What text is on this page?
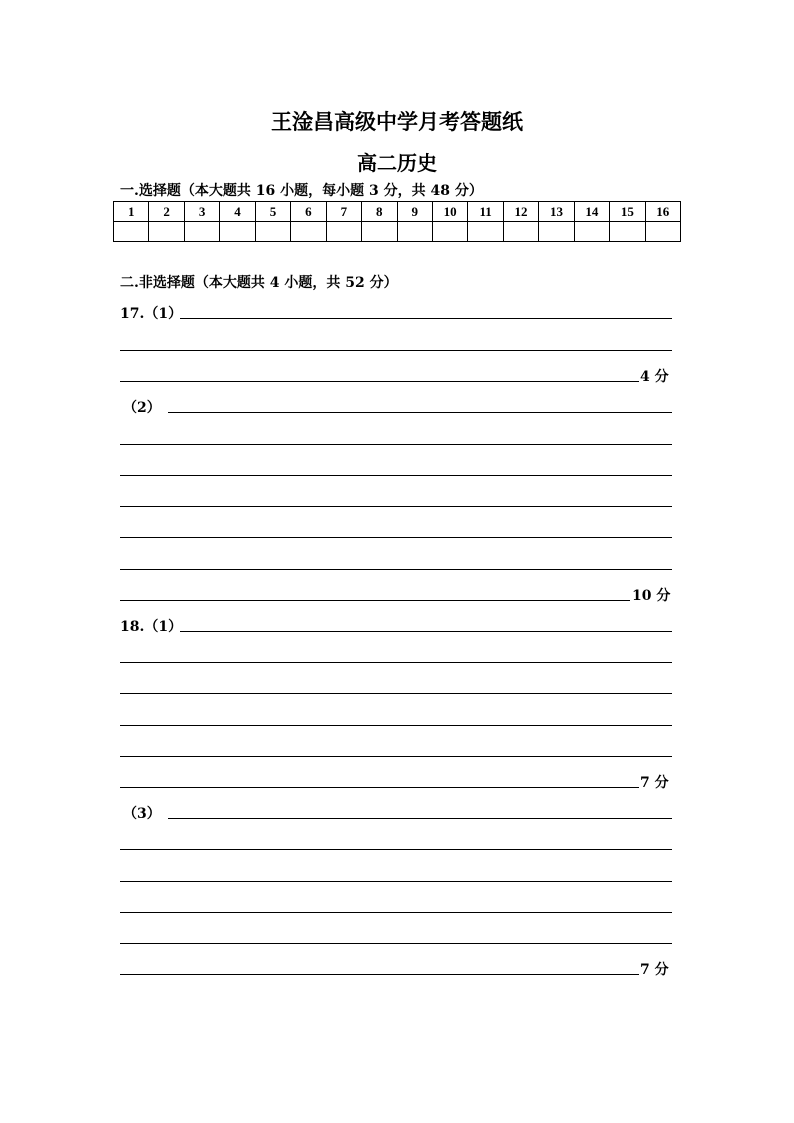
王淦昌高级中学月考答题纸
高二历史
一.选择题（本大题共 16 小题，每小题 3 分，共 48 分）
1	2	3	4	5	6	7	8	9	10	11	12	13	14	15	16

二.非选择题（本大题共 4 小题，共 52 分）
17.（1）
4 分
（2）
10 分
18.（1）
7 分
（3）
7 分
